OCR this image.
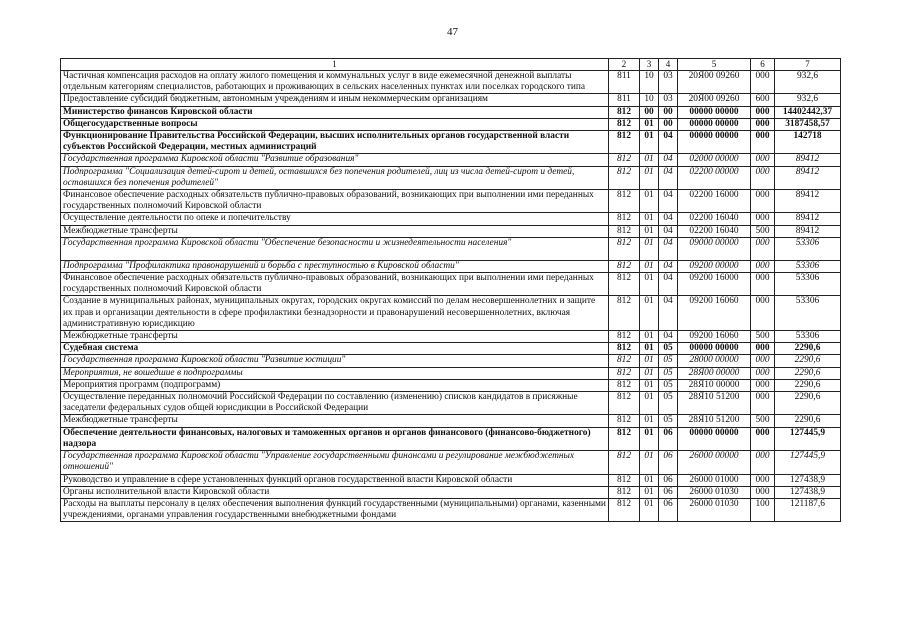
47
1	2	3	4	5	6	7
Частичная компенсация расходов на оплату жилого помещения и коммунальных услуг в виде ежемесячной денежной выплаты отдельным категориям специалистов, работающих и проживающих в сельских населенных пунктах или поселках городского типа	811	10	03	20Я00 09260	000	932,6
Предоставление субсидий бюджетным, автономным учреждениям и иным некоммерческим организациям	811	10	03	20Я00 09260	600	932,6
Министерство финансов Кировской области	812	00	00	00000 00000	000	14402442,37
Общегосударственные вопросы	812	01	00	00000 00000	000	3187458,57
Функционирование Правительства Российской Федерации, высших исполнительных органов государственной власти субъектов Российской Федерации, местных администраций	812	01	04	00000 00000	000	142718
Государственная программа Кировской области "Развитие образования"	812	01	04	02000 00000	000	89412
Подпрограмма "Социализация детей-сирот и детей, оставшихся без попечения родителей, лиц из числа детей-сирот и детей, оставшихся без попечения родителей"	812	01	04	02200 00000	000	89412
Финансовое обеспечение расходных обязательств публично-правовых образований, возникающих при выполнении ими переданных государственных полномочий Кировской области	812	01	04	02200 16000	000	89412
Осуществление деятельности по опеке и попечительству	812	01	04	02200 16040	000	89412
Межбюджетные трансферты	812	01	04	02200 16040	500	89412
Государственная программа Кировской области "Обеспечение безопасности и жизнедеятельности населения"	812	01	04	09000 00000	000	53306
Подпрограмма "Профилактика правонарушений и борьба с преступностью в Кировской области"	812	01	04	09200 00000	000	53306
Финансовое обеспечение расходных обязательств публично-правовых образований, возникающих при выполнении ими переданных государственных полномочий Кировской области	812	01	04	09200 16000	000	53306
Создание в муниципальных районах, муниципальных округах, городских округах комиссий по делам несовершеннолетних и защите их прав и организации деятельности в сфере профилактики безнадзорности и правонарушений несовершеннолетних, включая административную юрисдикцию	812	01	04	09200 16060	000	53306
Межбюджетные трансферты	812	01	04	09200 16060	500	53306
Судебная система	812	01	05	00000 00000	000	2290,6
Государственная программа Кировской области "Развитие юстиции"	812	01	05	28000 00000	000	2290,6
Мероприятия, не вошедшие в подпрограммы	812	01	05	28Я00 00000	000	2290,6
Мероприятия программ (подпрограмм)	812	01	05	28Я10 00000	000	2290,6
Осуществление переданных полномочий Российской Федерации по составлению (изменению) списков кандидатов в присяжные заседатели федеральных судов общей юрисдикции в Российской Федерации	812	01	05	28Я10 51200	000	2290,6
Межбюджетные трансферты	812	01	05	28Я10 51200	500	2290,6
Обеспечение деятельности финансовых, налоговых и таможенных органов и органов финансового (финансово-бюджетного) надзора	812	01	06	00000 00000	000	127445,9
Государственная программа Кировской области "Управление государственными финансами и регулирование межбюджетных отношений"	812	01	06	26000 00000	000	127445,9
Руководство и управление в сфере установленных функций органов государственной власти Кировской области	812	01	06	26000 01000	000	127438,9
Органы исполнительной власти Кировской области	812	01	06	26000 01030	000	127438,9
Расходы на выплаты персоналу в целях обеспечения выполнения функций государственными (муниципальными) органами, казенными учреждениями, органами управления государственными внебюджетными фондами	812	01	06	26000 01030	100	121187,6
